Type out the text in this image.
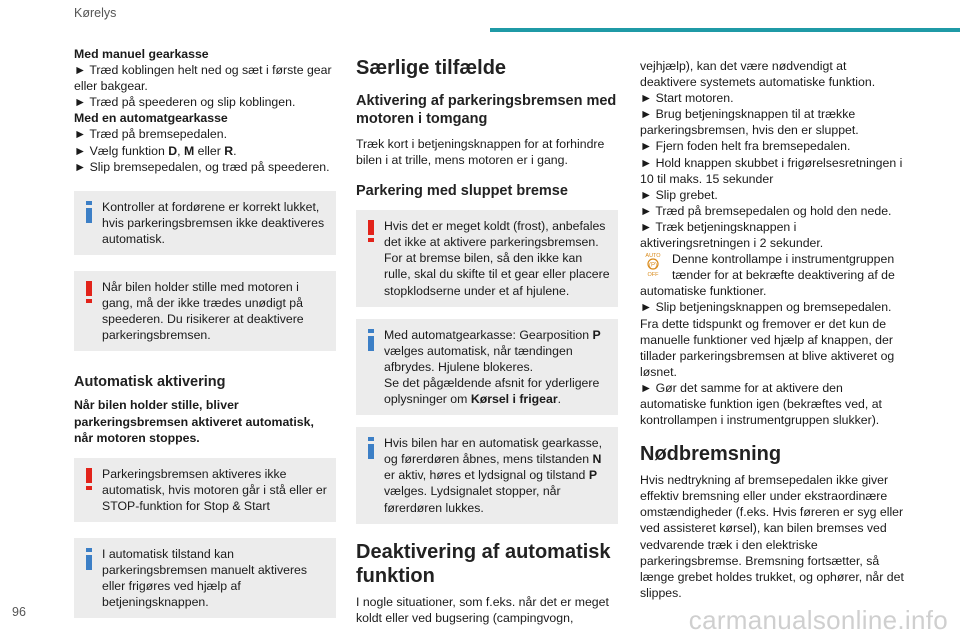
Kørelys

Med manuel gearkasse

► Træd koblingen helt ned og sæt i første gear eller bakgear.

► Træd på speederen og slip koblingen.

Med en automatgearkasse

► Træd på bremsepedalen.

► Vælg funktion D, M eller R.

► Slip bremsepedalen, og træd på speederen.

Kontroller at fordørene er korrekt lukket, hvis parkeringsbremsen ikke deaktiveres automatisk.
Når bilen holder stille med motoren i gang, må der ikke trædes unødigt på speederen. Du risikerer at deaktivere parkeringsbremsen.

Automatisk aktivering

Når bilen holder stille, bliver parkeringsbremsen aktiveret automatisk, når motoren stoppes.

Parkeringsbremsen aktiveres ikke automatisk, hvis motoren går i stå eller er STOP-funktion for Stop & Start
I automatisk tilstand kan parkeringsbremsen manuelt aktiveres eller frigøres ved hjælp af betjeningsknappen.

Særlige tilfælde

Aktivering af parkeringsbremsen med motoren i tomgang

Træk kort i betjeningsknappen for at forhindre bilen i at trille, mens motoren er i gang.

Parkering med sluppet bremse

Hvis det er meget koldt (frost), anbefales det ikke at aktivere parkeringsbremsen. For at bremse bilen, så den ikke kan rulle, skal du skifte til et gear eller placere stopklodserne under et af hjulene.
Med automatgearkasse: Gearposition P vælges automatisk, når tændingen afbrydes. Hjulene blokeres.
Se det pågældende afsnit for yderligere oplysninger om Kørsel i frigear.
Hvis bilen har en automatisk gearkasse, og førerdøren åbnes, mens tilstanden N er aktiv, høres et lydsignal og tilstand P vælges. Lydsignalet stopper, når førerdøren lukkes.

Deaktivering af automatisk funktion

I nogle situationer, som f.eks. når det er meget koldt eller ved bugsering (campingvogn,

vejhjælp), kan det være nødvendigt at deaktivere systemets automatiske funktion.

► Start motoren.

► Brug betjeningsknappen til at trække parkeringsbremsen, hvis den er sluppet.

► Fjern foden helt fra bremsepedalen.

► Hold knappen skubbet i frigørelsesretningen i 10 til maks. 15 sekunder

► Slip grebet.

► Træd på bremsepedalen og hold den nede.

► Træk betjeningsknappen i aktiveringsretningen i 2 sekunder.

AUTO
(P)
OFF
Denne kontrollampe i instrumentgruppen tænder for at bekræfte deaktivering af de automatiske funktioner.

► Slip betjeningsknappen og bremsepedalen.

Fra dette tidspunkt og fremover er det kun de manuelle funktioner ved hjælp af knappen, der tillader parkeringsbremsen at blive aktiveret og løsnet.

► Gør det samme for at aktivere den automatiske funktion igen (bekræftes ved, at kontrollampen i instrumentgruppen slukker).

Nødbremsning

Hvis nedtrykning af bremsepedalen ikke giver effektiv bremsning eller under ekstraordinære omstændigheder (f.eks. Hvis føreren er syg eller ved assisteret kørsel), kan bilen bremses ved vedvarende træk i den elektriske parkeringsbremse. Bremsning fortsætter, så længe grebet holdes trukket, og ophører, når det slippes.

96	carmanualsonline.info
